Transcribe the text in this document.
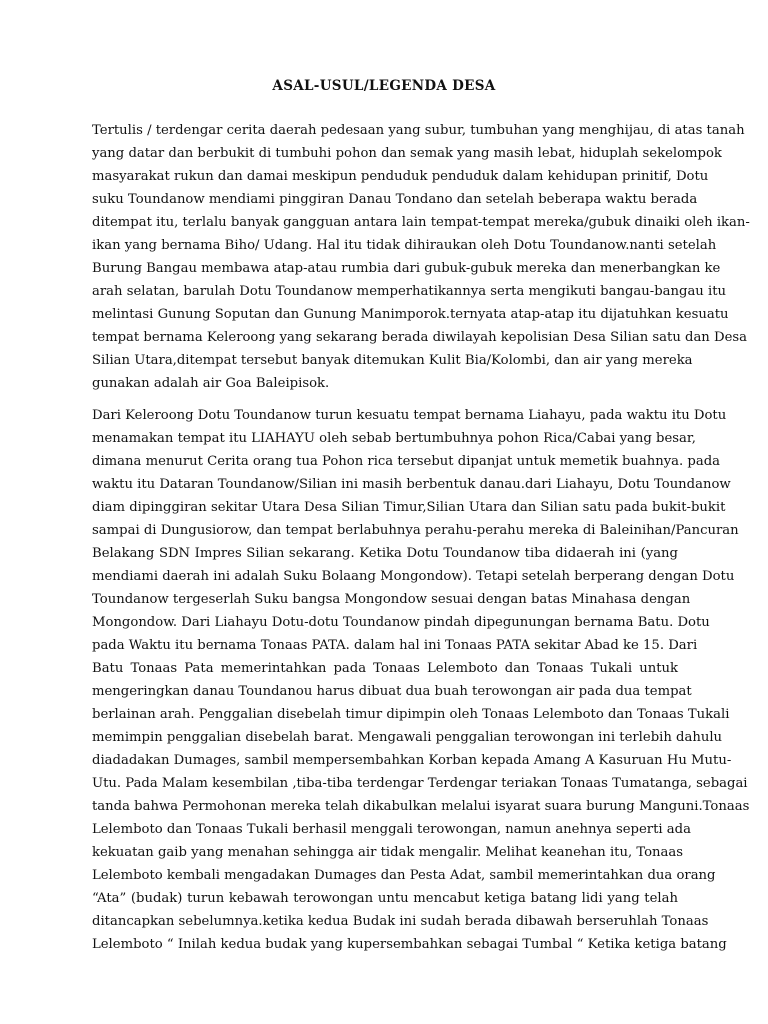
ASAL-USUL/LEGENDA DESA
Tertulis / terdengar cerita daerah pedesaan yang subur, tumbuhan yang menghijau, di atas tanah
yang datar dan berbukit di tumbuhi pohon dan semak yang masih lebat, hiduplah sekelompok
masyarakat rukun dan damai meskipun penduduk penduduk dalam kehidupan prinitif, Dotu
suku Toundanow mendiami pinggiran Danau Tondano dan setelah beberapa waktu berada
ditempat itu, terlalu banyak gangguan antara lain tempat-tempat mereka/gubuk dinaiki oleh ikan-
ikan yang bernama Biho/ Udang. Hal itu tidak dihiraukan oleh Dotu Toundanow.nanti setelah
Burung Bangau membawa atap-atau rumbia dari gubuk-gubuk mereka dan menerbangkan ke
arah selatan, barulah Dotu Toundanow memperhatikannya serta mengikuti bangau-bangau itu
melintasi Gunung Soputan dan Gunung Manimporok.ternyata atap-atap itu dijatuhkan kesuatu
tempat bernama Keleroong yang sekarang berada diwilayah kepolisian Desa Silian satu dan Desa
Silian Utara,ditempat tersebut banyak ditemukan Kulit Bia/Kolombi, dan air yang mereka
gunakan adalah air Goa Baleipisok.
Dari Keleroong Dotu Toundanow turun kesuatu tempat bernama Liahayu, pada waktu itu Dotu
menamakan tempat itu LIAHAYU oleh sebab bertumbuhnya pohon Rica/Cabai yang besar,
dimana menurut Cerita orang tua Pohon rica tersebut dipanjat untuk memetik buahnya. pada
waktu itu Dataran Toundanow/Silian ini masih berbentuk danau.dari Liahayu, Dotu Toundanow
diam dipinggiran sekitar Utara Desa Silian Timur,Silian Utara dan Silian satu pada bukit-bukit
sampai di Dungusiorow, dan tempat berlabuhnya perahu-perahu mereka di Baleinihan/Pancuran
Belakang SDN Impres Silian sekarang. Ketika Dotu Toundanow tiba didaerah ini (yang
mendiami daerah ini adalah Suku Bolaang Mongondow). Tetapi setelah berperang dengan Dotu
Toundanow tergeserlah Suku bangsa Mongondow sesuai dengan batas Minahasa dengan
Mongondow. Dari Liahayu Dotu-dotu Toundanow pindah dipegunungan bernama Batu. Dotu
pada Waktu itu bernama Tonaas PATA. dalam hal ini Tonaas PATA sekitar Abad ke 15. Dari
Batu Tonaas Pata memerintahkan pada Tonaas Lelemboto dan Tonaas Tukali untuk
mengeringkan danau Toundanou harus dibuat dua buah terowongan air pada dua tempat
berlainan arah. Penggalian disebelah timur dipimpin oleh Tonaas Lelemboto dan Tonaas Tukali
memimpin penggalian disebelah barat. Mengawali penggalian terowongan ini terlebih dahulu
diadadakan Dumages, sambil mempersembahkan Korban kepada Amang A Kasuruan Hu Mutu-
Utu. Pada Malam kesembilan ,tiba-tiba terdengar Terdengar teriakan Tonaas Tumatanga, sebagai
tanda bahwa Permohonan mereka telah dikabulkan melalui isyarat suara burung Manguni.Tonaas
Lelemboto dan Tonaas Tukali berhasil menggali terowongan, namun anehnya seperti ada
kekuatan gaib yang menahan sehingga air tidak mengalir. Melihat keanehan itu, Tonaas
Lelemboto kembali mengadakan Dumages dan Pesta Adat, sambil memerintahkan dua orang
“Ata” (budak) turun kebawah terowongan untu mencabut ketiga batang lidi yang telah
ditancapkan sebelumnya.ketika kedua Budak ini sudah berada dibawah berseruhlah Tonaas
Lelemboto “ Inilah kedua budak yang kupersembahkan sebagai Tumbal “ Ketika ketiga batang
